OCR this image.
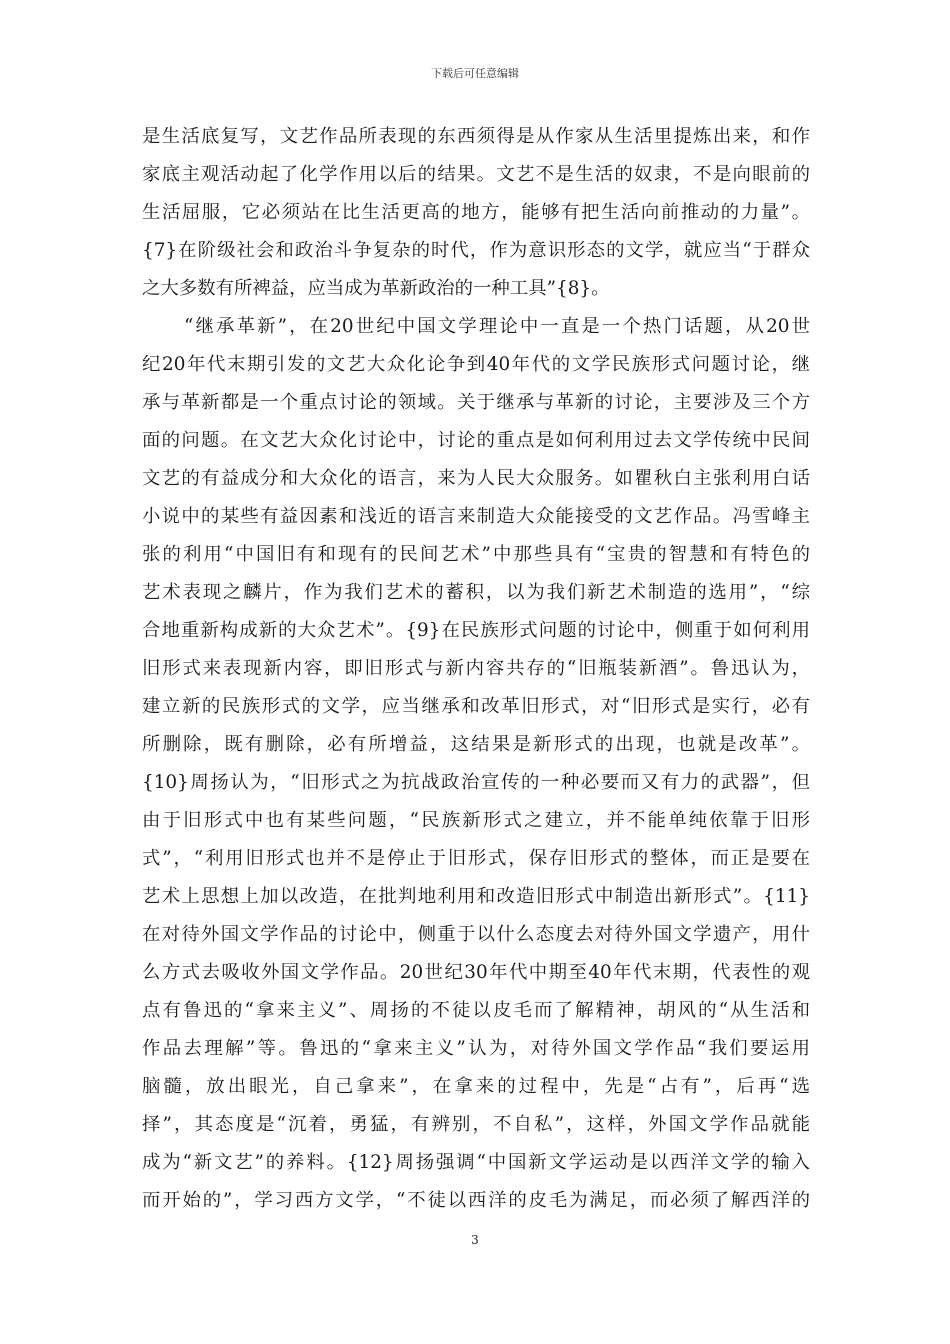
下载后可任意编辑
是生活底复写，文艺作品所表现的东西须得是从作家从生活里提炼出来，和作
家底主观活动起了化学作用以后的结果。文艺不是生活的奴隶，不是向眼前的
生活屈服，它必须站在比生活更高的地方，能够有把生活向前推动的力量”。
{7}在阶级社会和政治斗争复杂的时代，作为意识形态的文学，就应当“于群众
之大多数有所裨益，应当成为革新政治的一种工具”{8}。
“继承革新”，在20世纪中国文学理论中一直是一个热门话题，从20世
纪20年代末期引发的文艺大众化论争到40年代的文学民族形式问题讨论，继
承与革新都是一个重点讨论的领域。关于继承与革新的讨论，主要涉及三个方
面的问题。在文艺大众化讨论中，讨论的重点是如何利用过去文学传统中民间
文艺的有益成分和大众化的语言，来为人民大众服务。如瞿秋白主张利用白话
小说中的某些有益因素和浅近的语言来制造大众能接受的文艺作品。冯雪峰主
张的利用“中国旧有和现有的民间艺术”中那些具有“宝贵的智慧和有特色的
艺术表现之麟片，作为我们艺术的蓄积，以为我们新艺术制造的选用”，“综
合地重新构成新的大众艺术”。{9}在民族形式问题的讨论中，侧重于如何利用
旧形式来表现新内容，即旧形式与新内容共存的“旧瓶装新酒”。鲁迅认为，
建立新的民族形式的文学，应当继承和改革旧形式，对“旧形式是实行，必有
所删除，既有删除，必有所增益，这结果是新形式的出现，也就是改革”。
{10}周扬认为，“旧形式之为抗战政治宣传的一种必要而又有力的武器”，但
由于旧形式中也有某些问题，“民族新形式之建立，并不能单纯依靠于旧形
式”，“利用旧形式也并不是停止于旧形式，保存旧形式的整体，而正是要在
艺术上思想上加以改造，在批判地利用和改造旧形式中制造出新形式”。{11}
在对待外国文学作品的讨论中，侧重于以什么态度去对待外国文学遗产，用什
么方式去吸收外国文学作品。20世纪30年代中期至40年代末期，代表性的观
点有鲁迅的“拿来主义”、周扬的不徒以皮毛而了解精神，胡风的“从生活和
作品去理解”等。鲁迅的“拿来主义”认为，对待外国文学作品“我们要运用
脑髓，放出眼光，自己拿来”，在拿来的过程中，先是“占有”，后再“选
择”，其态度是“沉着，勇猛，有辨别，不自私”，这样，外国文学作品就能
成为“新文艺”的养料。{12}周扬强调“中国新文学运动是以西洋文学的输入
而开始的”，学习西方文学，“不徒以西洋的皮毛为满足，而必须了解西洋的
3
